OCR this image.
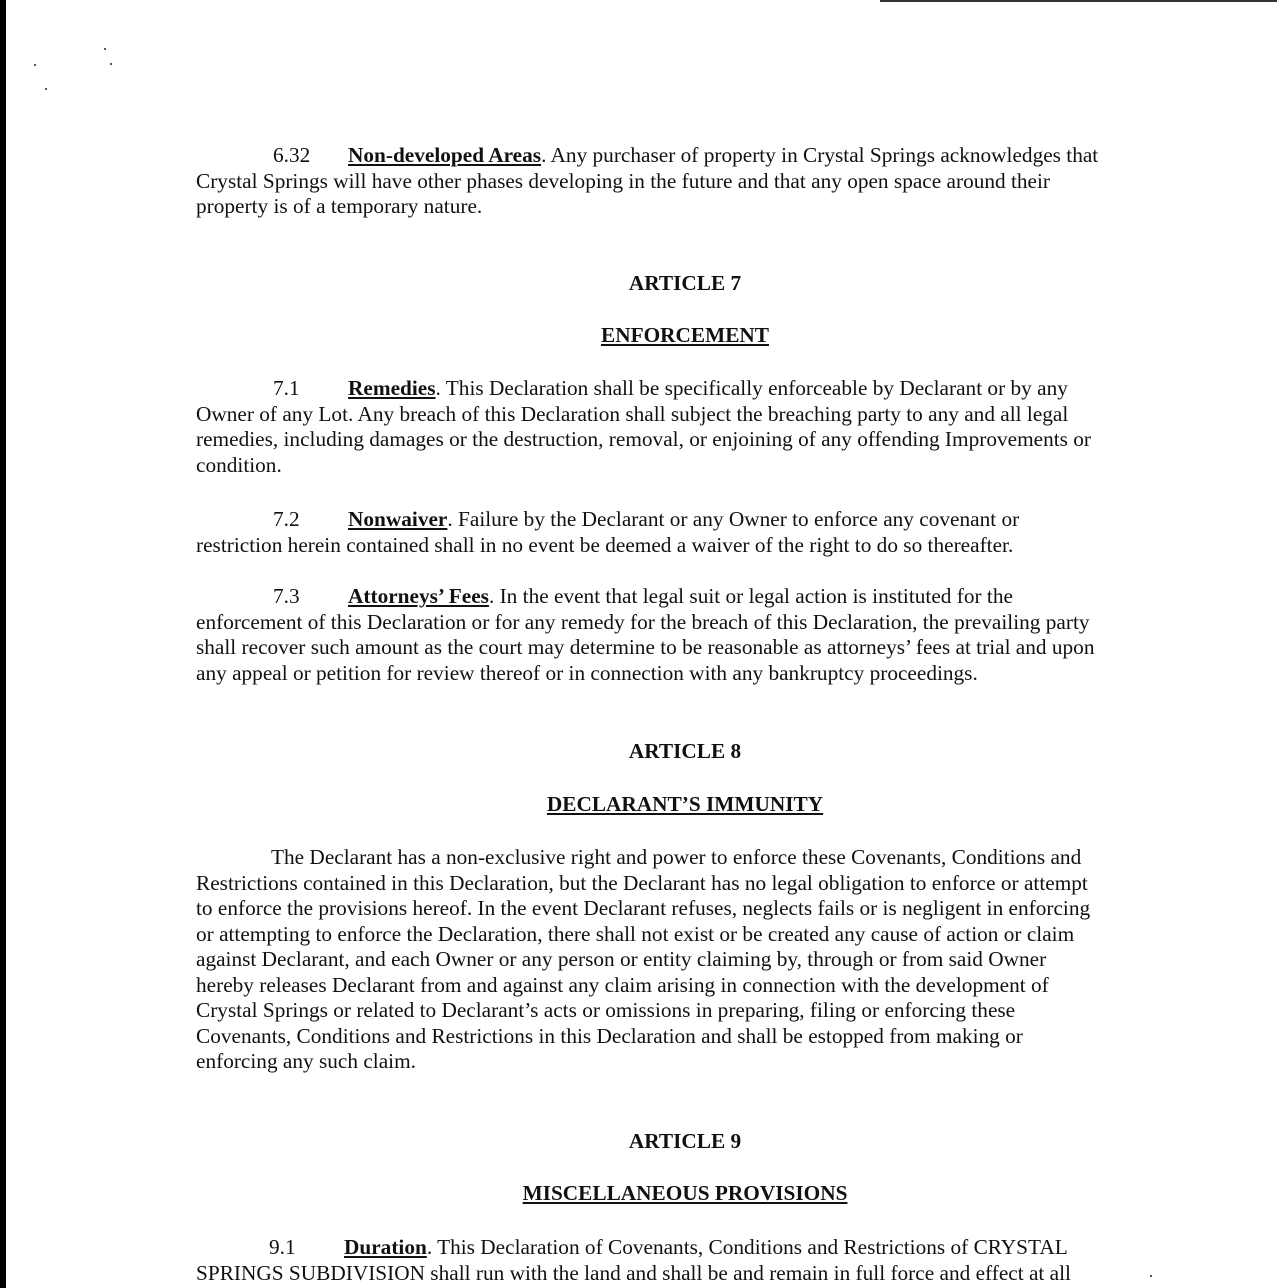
6.32 Non-developed Areas. Any purchaser of property in Crystal Springs acknowledges that
Crystal Springs will have other phases developing in the future and that any open space around their
property is of a temporary nature.
ARTICLE 7
ENFORCEMENT
7.1 Remedies. This Declaration shall be specifically enforceable by Declarant or by any
Owner of any Lot. Any breach of this Declaration shall subject the breaching party to any and all legal
remedies, including damages or the destruction, removal, or enjoining of any offending Improvements or
condition.
7.2 Nonwaiver. Failure by the Declarant or any Owner to enforce any covenant or
restriction herein contained shall in no event be deemed a waiver of the right to do so thereafter.
7.3 Attorneys’ Fees. In the event that legal suit or legal action is instituted for the
enforcement of this Declaration or for any remedy for the breach of this Declaration, the prevailing party
shall recover such amount as the court may determine to be reasonable as attorneys’ fees at trial and upon
any appeal or petition for review thereof or in connection with any bankruptcy proceedings.
ARTICLE 8
DECLARANT’S IMMUNITY
The Declarant has a non-exclusive right and power to enforce these Covenants, Conditions and
Restrictions contained in this Declaration, but the Declarant has no legal obligation to enforce or attempt
to enforce the provisions hereof. In the event Declarant refuses, neglects fails or is negligent in enforcing
or attempting to enforce the Declaration, there shall not exist or be created any cause of action or claim
against Declarant, and each Owner or any person or entity claiming by, through or from said Owner
hereby releases Declarant from and against any claim arising in connection with the development of
Crystal Springs or related to Declarant’s acts or omissions in preparing, filing or enforcing these
Covenants, Conditions and Restrictions in this Declaration and shall be estopped from making or
enforcing any such claim.
ARTICLE 9
MISCELLANEOUS PROVISIONS
9.1 Duration. This Declaration of Covenants, Conditions and Restrictions of CRYSTAL
SPRINGS SUBDIVISION shall run with the land and shall be and remain in full force and effect at all
